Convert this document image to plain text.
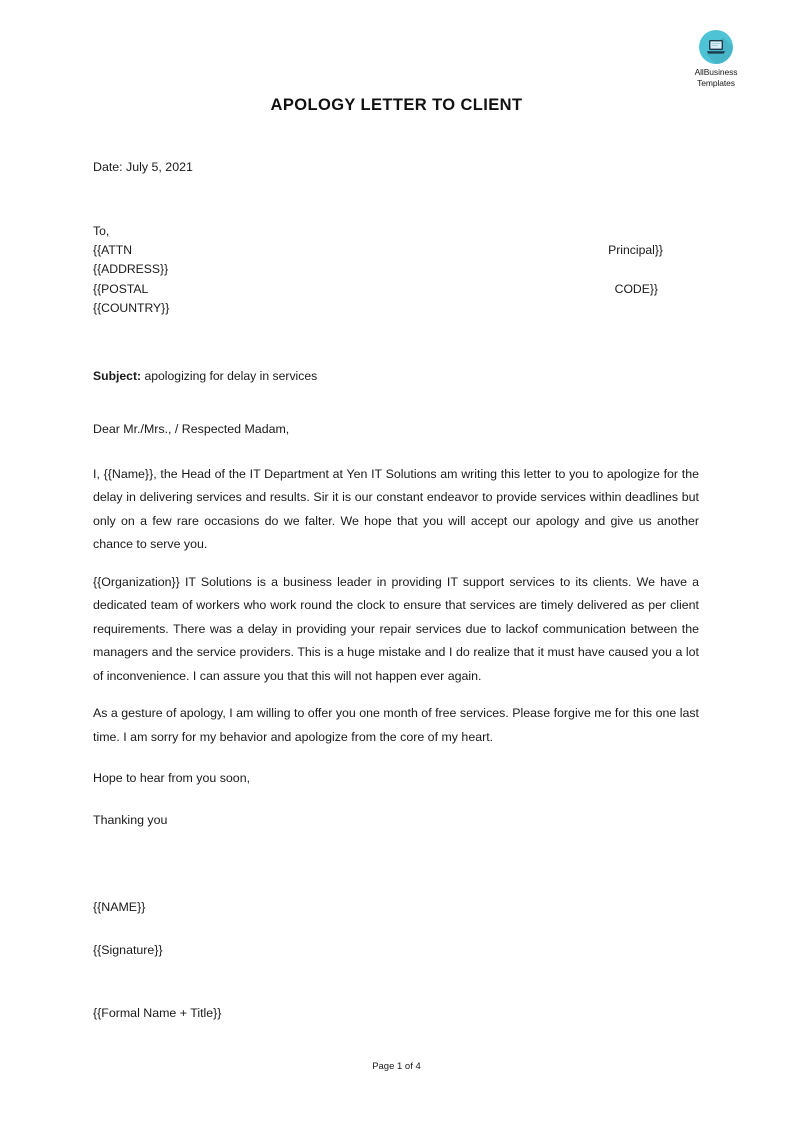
AllBusiness
Templates
APOLOGY LETTER TO CLIENT
Date: July 5, 2021
To,
{{ATTN	Principal}}
{{ADDRESS}}
{{POSTAL	CODE}}
{{COUNTRY}}
Subject: apologizing for delay in services
Dear Mr./Mrs., / Respected Madam,

I, {{Name}}, the Head of the IT Department at Yen IT Solutions am writing this letter to you to apologize for the delay in delivering services and results. Sir it is our constant endeavor to provide services within deadlines but only on a few rare occasions do we falter. We hope that you will accept our apology and give us another chance to serve you.

{{Organization}} IT Solutions is a business leader in providing IT support services to its clients. We have a dedicated team of workers who work round the clock to ensure that services are timely delivered as per client requirements. There was a delay in providing your repair services due to lackof communication between the managers and the service providers. This is a huge mistake and I do realize that it must have caused you a lot of inconvenience. I can assure you that this will not happen ever again.

As a gesture of apology, I am willing to offer you one month of free services. Please forgive me for this one last time. I am sorry for my behavior and apologize from the core of my heart.

Hope to hear from you soon,
Thanking you
{{NAME}}
{{Signature}}
{{Formal Name + Title}}
Page 1 of 4
